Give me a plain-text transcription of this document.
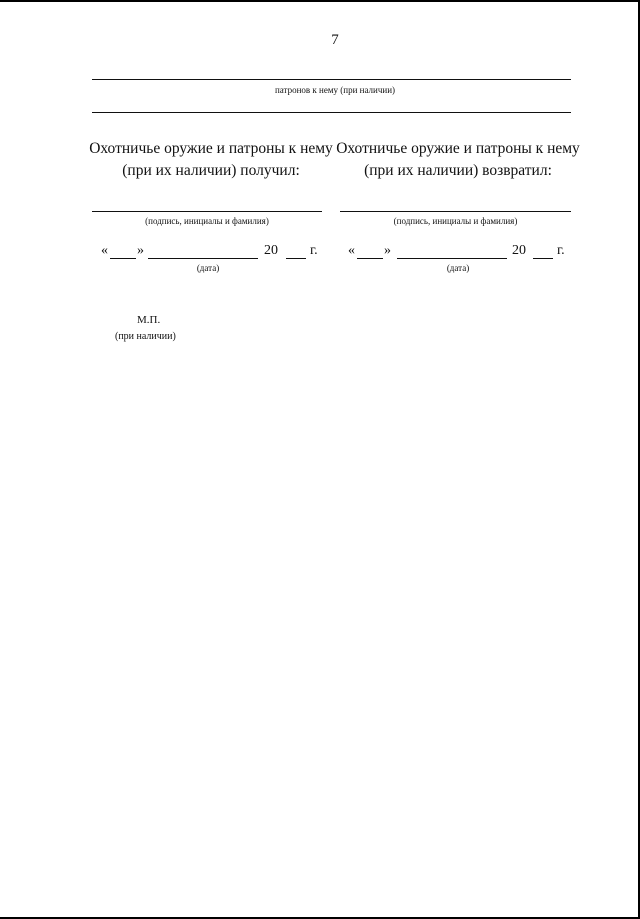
7
патронов к нему (при наличии)
Охотничье оружие и патроны к нему
(при их наличии) получил:
(подпись, инициалы и фамилия)
« »	20 г.
(дата)
Охотничье оружие и патроны к нему
(при их наличии) возвратил:
(подпись, инициалы и фамилия)
« »	20 г.
(дата)
М.П.
(при наличии)
